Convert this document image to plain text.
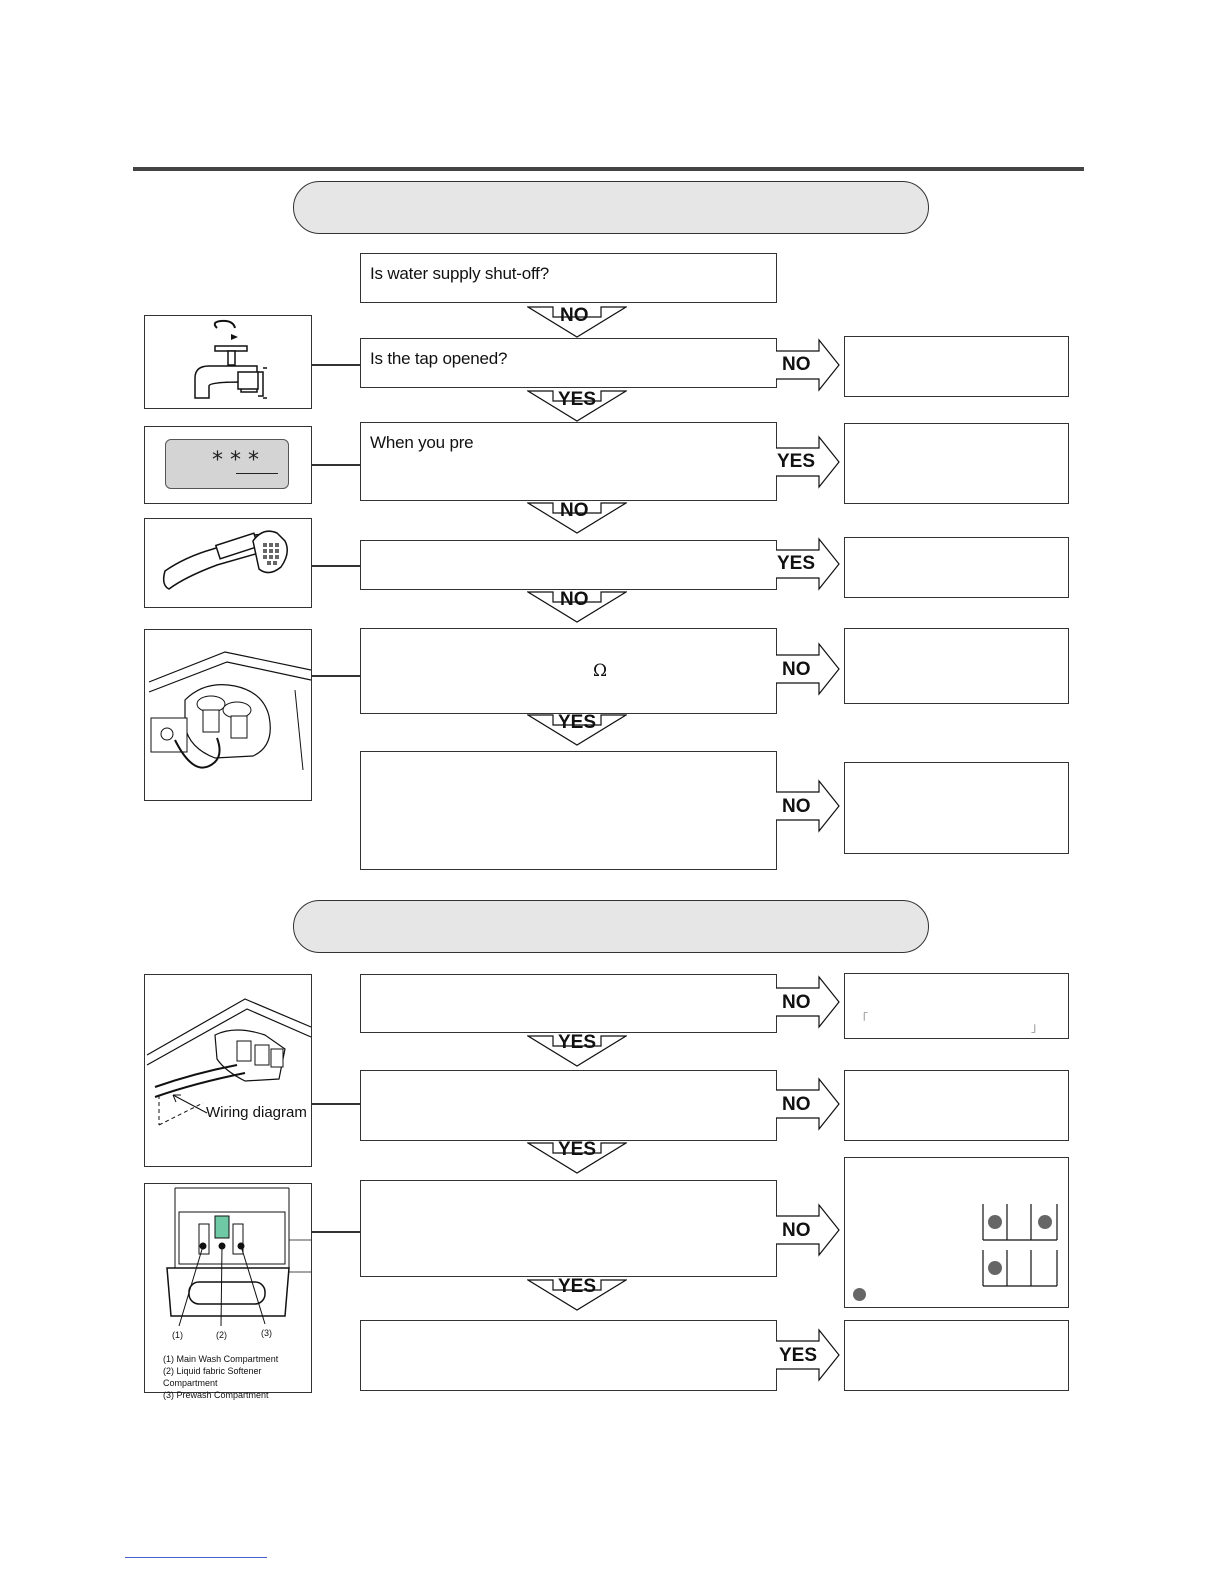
Is water supply shut-off?
Is the tap opened?
When you pre
Ω
* * *
NO
YES
NO
NO
YES
NO
YES
YES
NO
NO
「
」
Wiring diagram
(1)	(2)	(3)
(1) Main Wash Compartment
(2) Liquid fabric Softener Compartment
(3) Prewash Compartment
YES
YES
YES
NO
NO
NO
YES
